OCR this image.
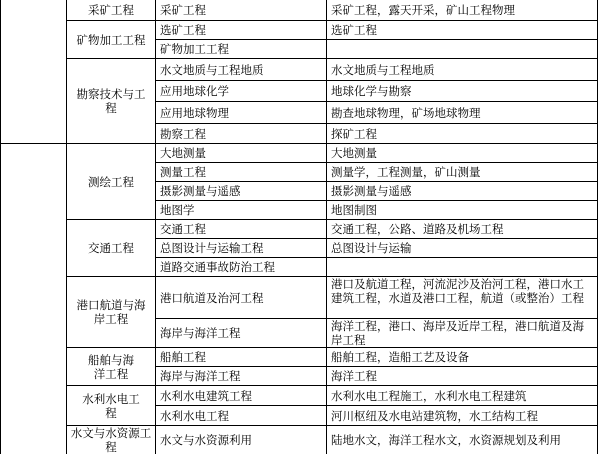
采矿工程
矿物加工工程
勘察技术与工程
测绘工程
交通工程
港口航道与海岸工程
船舶与海洋工程
水利水电工程
水文与水资源工程
采矿工程
选矿工程
矿物加工工程
水文地质与工程地质
应用地球化学
应用地球物理
勘察工程
大地测量
测量工程
摄影测量与遥感
地图学
交通工程
总图设计与运输工程
道路交通事故防治工程
港口航道及治河工程
海岸与海洋工程
船舶工程
海岸与海洋工程
水利水电建筑工程
水利水电工程
水文与水资源利用
采矿工程，露天开采，矿山工程物理
选矿工程
水文地质与工程地质
地球化学与勘察
勘查地球物理，矿场地球物理
探矿工程
大地测量
测量学，工程测量，矿山测量
摄影测量与遥感
地图制图
交通工程，公路、道路及机场工程
总图设计与运输
港口及航道工程，河流泥沙及治河工程，港口水工建筑工程，水道及港口工程，航道（或整治）工程
海洋工程，港口、海岸及近岸工程，港口航道及海岸工程
船舶工程，造船工艺及设备
海洋工程
水利水电工程施工，水利水电工程建筑
河川枢纽及水电站建筑物，水工结构工程
陆地水文，海洋工程水文，水资源规划及利用
